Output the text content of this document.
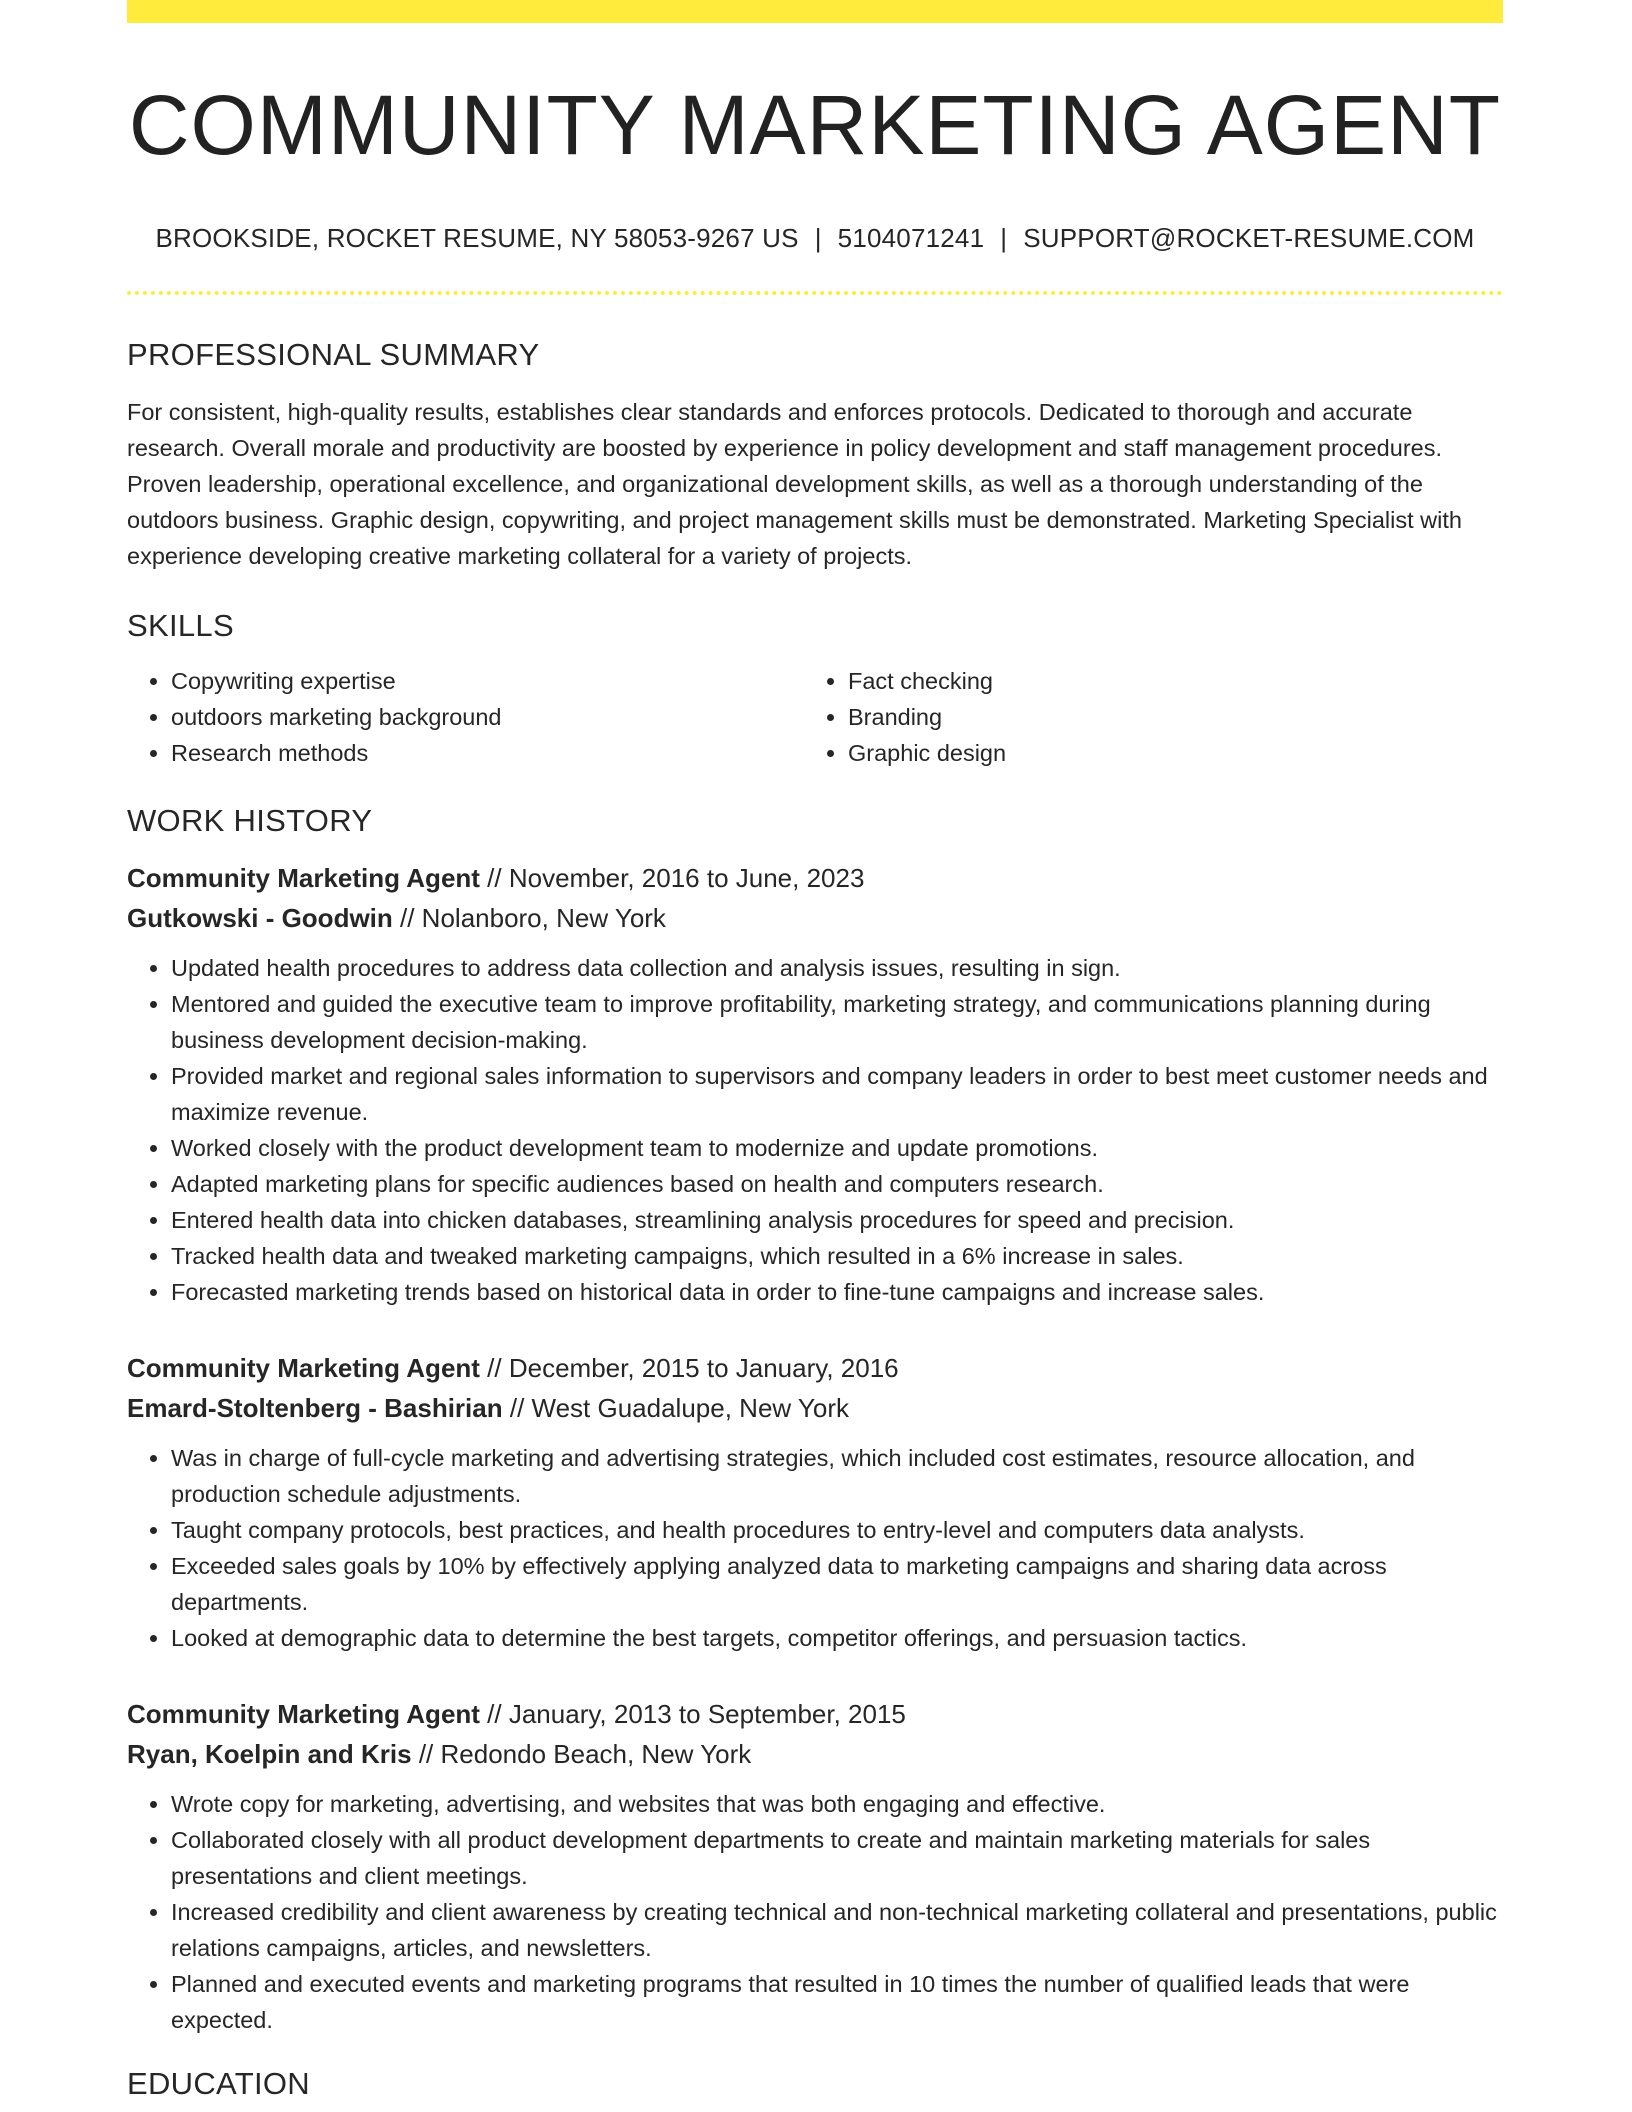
COMMUNITY MARKETING AGENT
BROOKSIDE, ROCKET RESUME, NY 58053-9267 US | 5104071241 | SUPPORT@ROCKET-RESUME.COM
PROFESSIONAL SUMMARY

For consistent, high-quality results, establishes clear standards and enforces protocols. Dedicated to thorough and accurate research. Overall morale and productivity are boosted by experience in policy development and staff management procedures. Proven leadership, operational excellence, and organizational development skills, as well as a thorough understanding of the outdoors business. Graphic design, copywriting, and project management skills must be demonstrated. Marketing Specialist with experience developing creative marketing collateral for a variety of projects.

SKILLS
• Copywriting expertise
• outdoors marketing background
• Research methods
• Fact checking
• Branding
• Graphic design
WORK HISTORY
Community Marketing Agent // November, 2016 to June, 2023
Gutkowski - Goodwin // Nolanboro, New York
• Updated health procedures to address data collection and analysis issues, resulting in sign.
• Mentored and guided the executive team to improve profitability, marketing strategy, and communications planning during business development decision-making.
• Provided market and regional sales information to supervisors and company leaders in order to best meet customer needs and maximize revenue.
• Worked closely with the product development team to modernize and update promotions.
• Adapted marketing plans for specific audiences based on health and computers research.
• Entered health data into chicken databases, streamlining analysis procedures for speed and precision.
• Tracked health data and tweaked marketing campaigns, which resulted in a 6% increase in sales.
• Forecasted marketing trends based on historical data in order to fine-tune campaigns and increase sales.
Community Marketing Agent // December, 2015 to January, 2016
Emard-Stoltenberg - Bashirian // West Guadalupe, New York
• Was in charge of full-cycle marketing and advertising strategies, which included cost estimates, resource allocation, and production schedule adjustments.
• Taught company protocols, best practices, and health procedures to entry-level and computers data analysts.
• Exceeded sales goals by 10% by effectively applying analyzed data to marketing campaigns and sharing data across departments.
• Looked at demographic data to determine the best targets, competitor offerings, and persuasion tactics.
Community Marketing Agent // January, 2013 to September, 2015
Ryan, Koelpin and Kris // Redondo Beach, New York
• Wrote copy for marketing, advertising, and websites that was both engaging and effective.
• Collaborated closely with all product development departments to create and maintain marketing materials for sales presentations and client meetings.
• Increased credibility and client awareness by creating technical and non-technical marketing collateral and presentations, public relations campaigns, articles, and newsletters.
• Planned and executed events and marketing programs that resulted in 10 times the number of qualified leads that were expected.
EDUCATION
